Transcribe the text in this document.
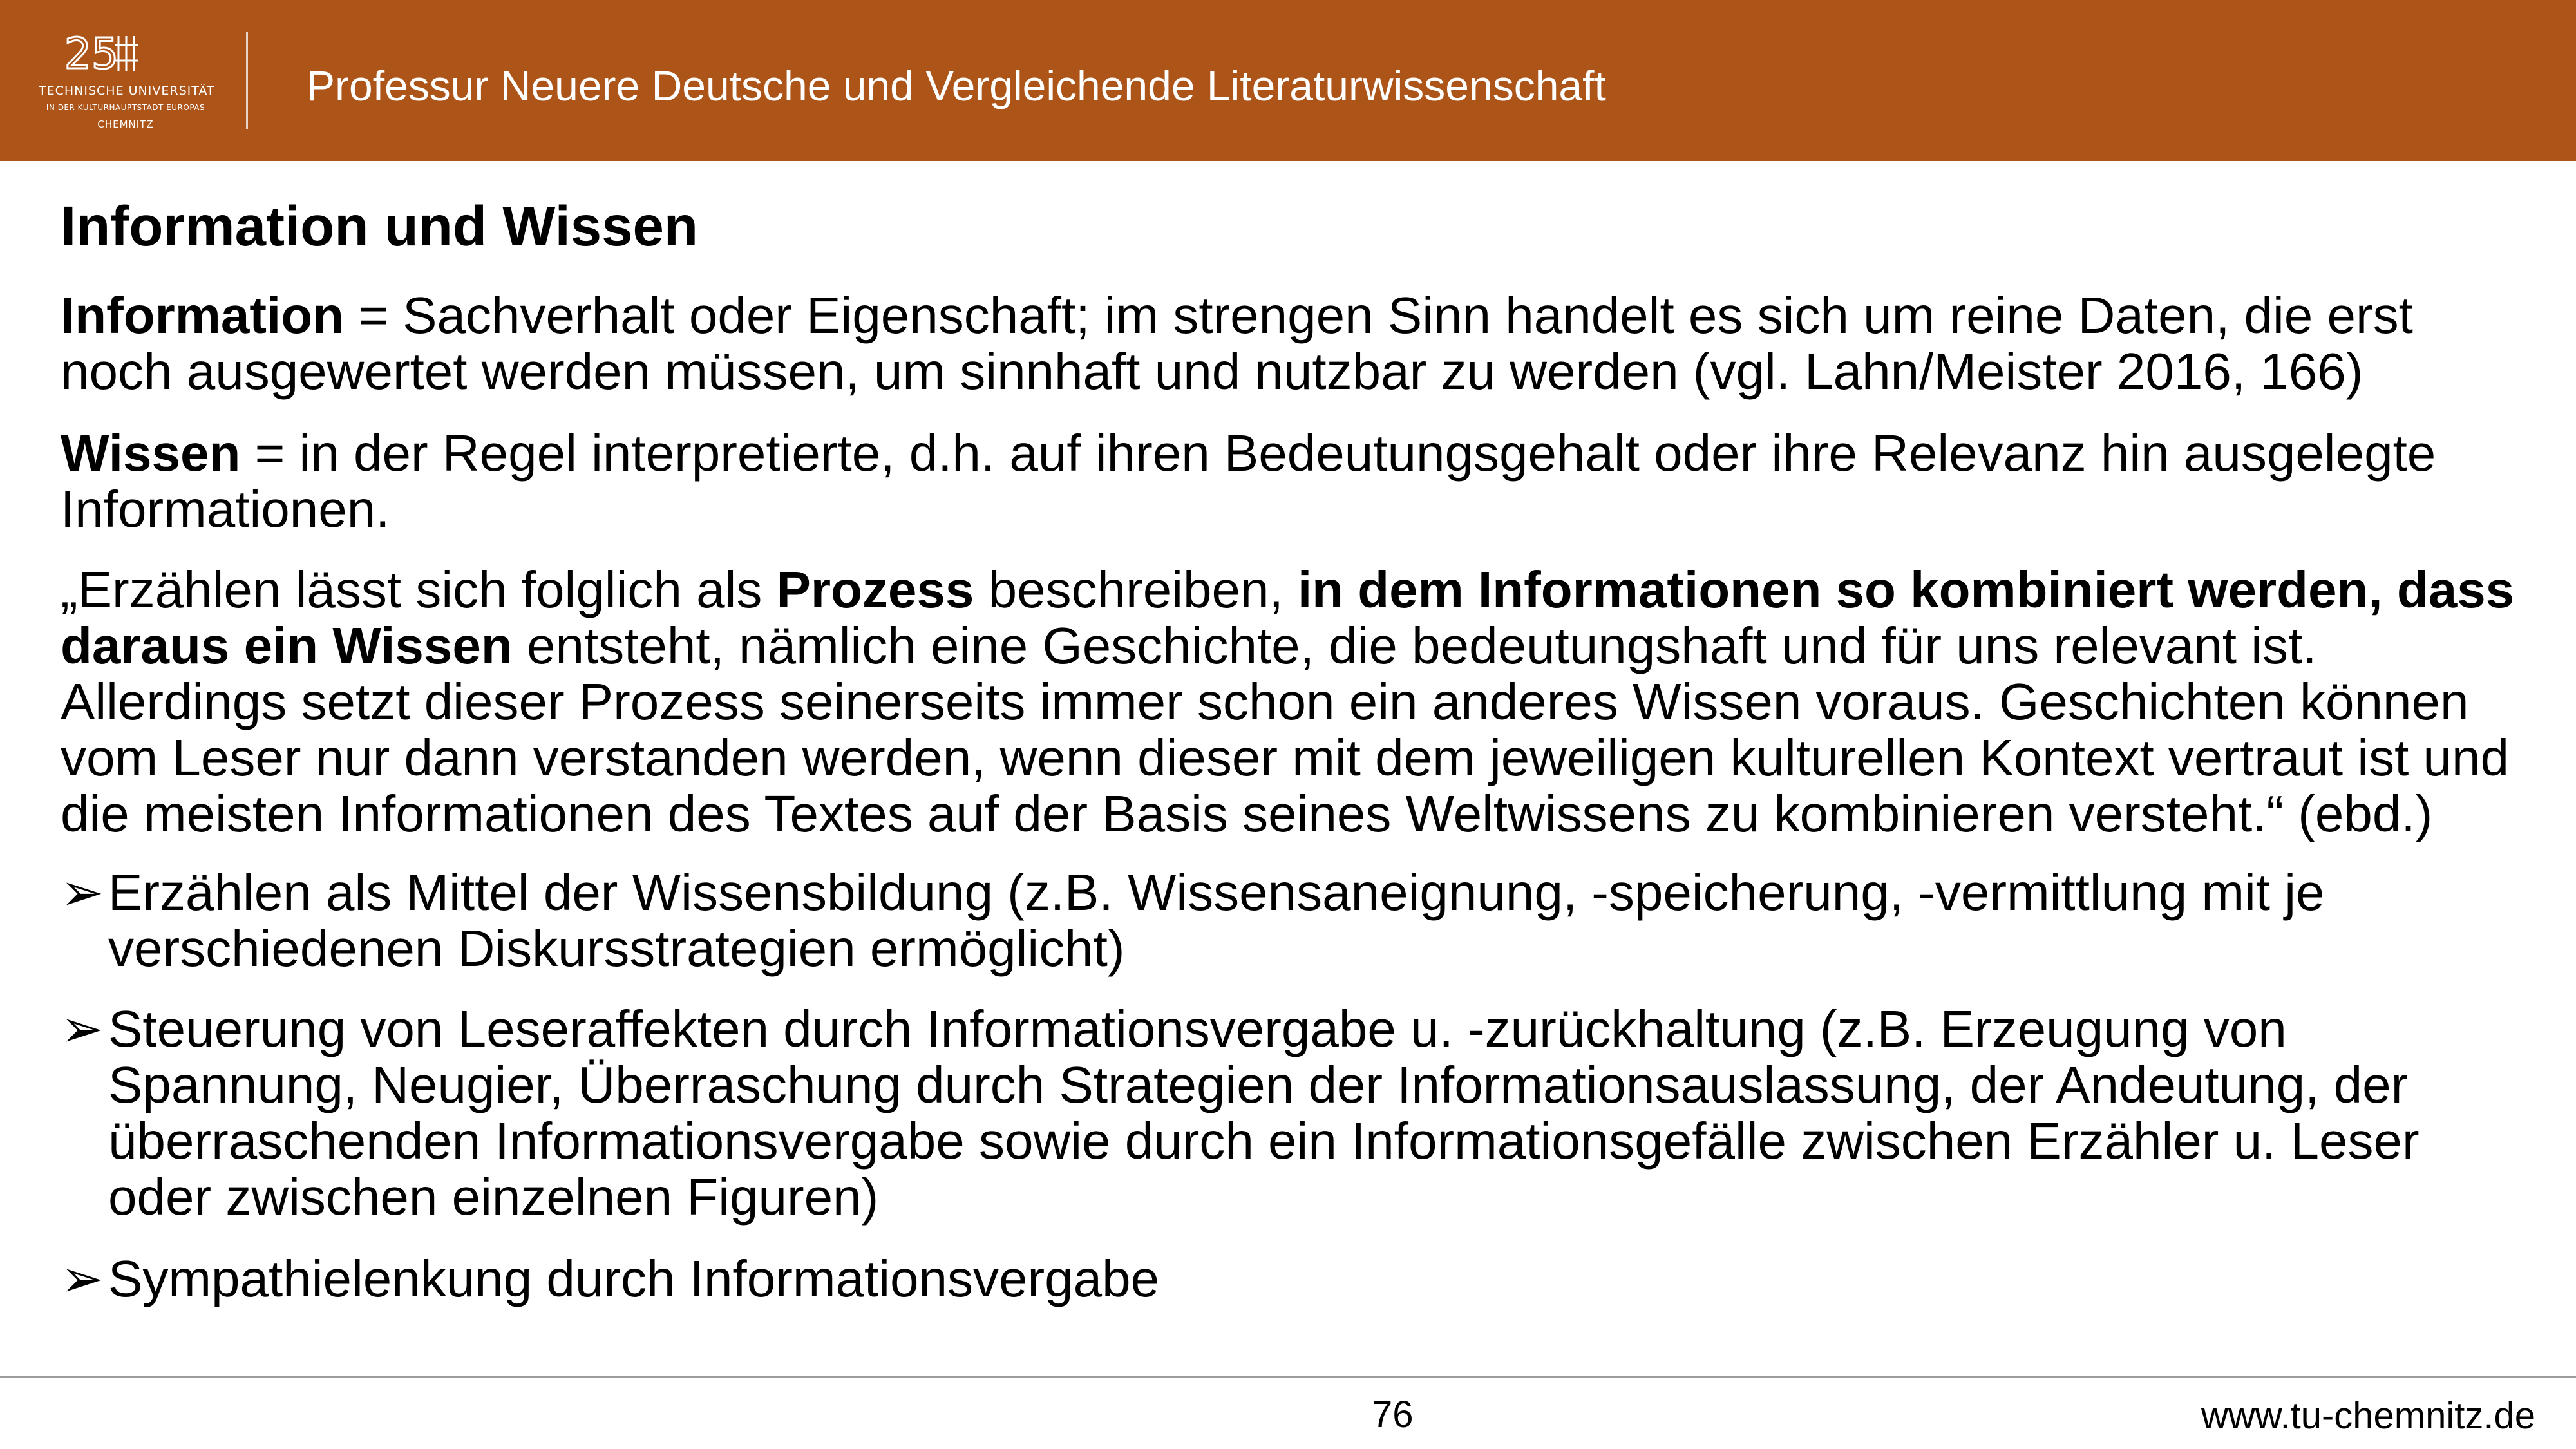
25
TECHNISCHE UNIVERSITÄT
IN DER KULTURHAUPTSTADT EUROPAS
CHEMNITZ
Professur Neuere Deutsche und Vergleichende Literaturwissenschaft
Information und Wissen

Information = Sachverhalt oder Eigenschaft; im strengen Sinn handelt es sich um reine Daten, die erst noch ausgewertet werden müssen, um sinnhaft und nutzbar zu werden (vgl. Lahn/Meister 2016, 166)

Wissen = in der Regel interpretierte, d.h. auf ihren Bedeutungsgehalt oder ihre Relevanz hin ausgelegte Informationen.

„Erzählen lässt sich folglich als Prozess beschreiben, in dem Informationen so kombiniert werden, dass daraus ein Wissen entsteht, nämlich eine Geschichte, die bedeutungshaft und für uns relevant ist. Allerdings setzt dieser Prozess seinerseits immer schon ein anderes Wissen voraus. Geschichten können vom Leser nur dann verstanden werden, wenn dieser mit dem jeweiligen kulturellen Kontext vertraut ist und die meisten Informationen des Textes auf der Basis seines Weltwissens zu kombinieren versteht.“ (ebd.)

➢ Erzählen als Mittel der Wissensbildung (z.B. Wissensaneignung, -speicherung, -vermittlung mit je verschiedenen Diskursstrategien ermöglicht)

➢ Steuerung von Leseraffekten durch Informationsvergabe u. -zurückhaltung (z.B. Erzeugung von Spannung, Neugier, Überraschung durch Strategien der Informationsauslassung, der Andeutung, der überraschenden Informationsvergabe sowie durch ein Informationsgefälle zwischen Erzähler u. Leser oder zwischen einzelnen Figuren)

➢ Sympathielenkung durch Informationsvergabe

76	www.tu-chemnitz.de
